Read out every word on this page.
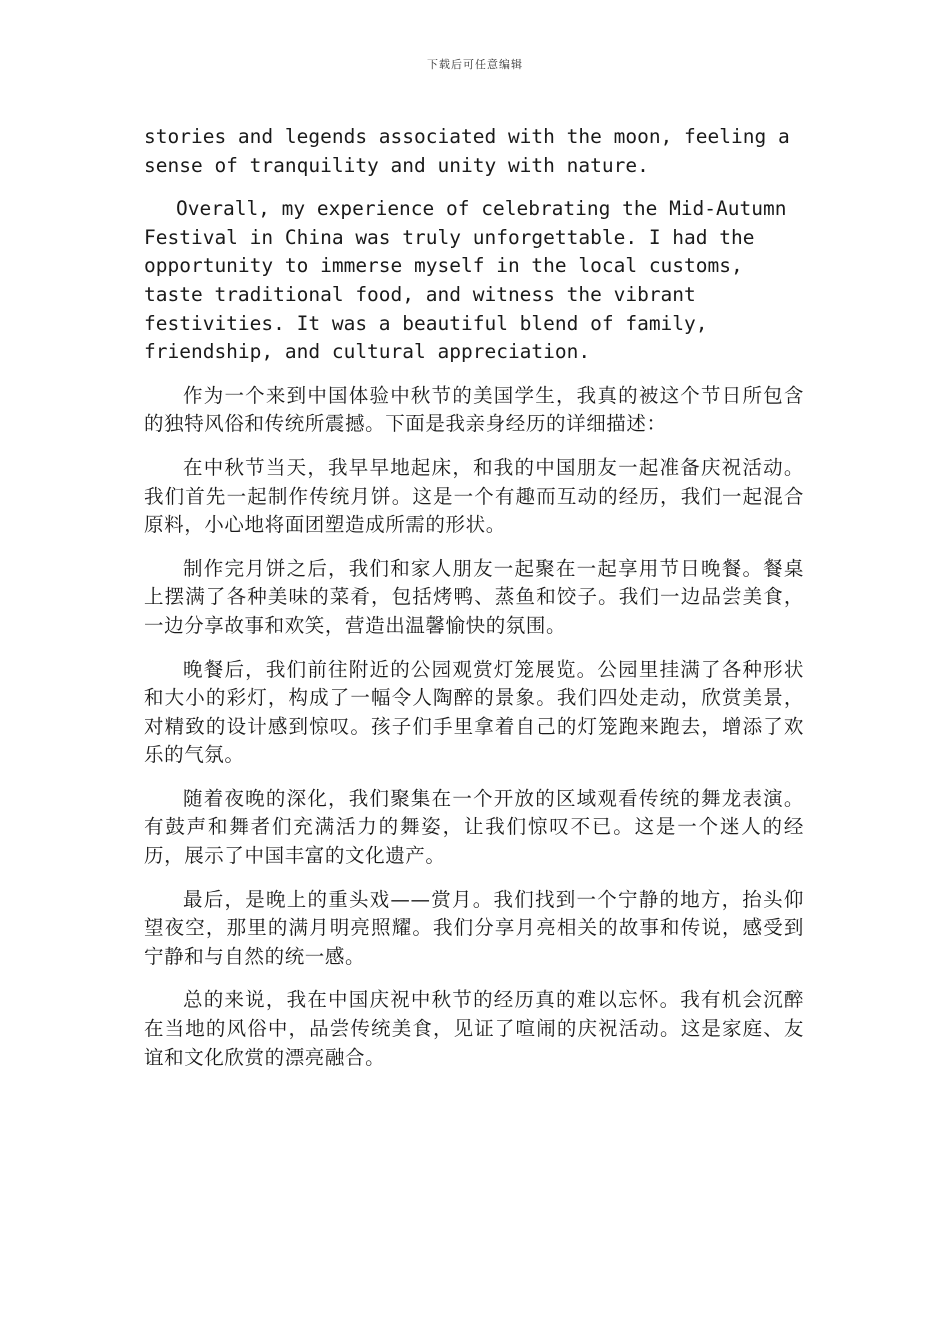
下载后可任意编辑

stories and legends associated with the moon, feeling a sense of tranquility and unity with nature.

Overall, my experience of celebrating the Mid-Autumn Festival in China was truly unforgettable. I had the opportunity to immerse myself in the local customs, taste traditional food, and witness the vibrant festivities. It was a beautiful blend of family, friendship, and cultural appreciation.

作为一个来到中国体验中秋节的美国学生，我真的被这个节日所包含的独特风俗和传统所震撼。下面是我亲身经历的详细描述：

在中秋节当天，我早早地起床，和我的中国朋友一起准备庆祝活动。我们首先一起制作传统月饼。这是一个有趣而互动的经历，我们一起混合原料，小心地将面团塑造成所需的形状。

制作完月饼之后，我们和家人朋友一起聚在一起享用节日晚餐。餐桌上摆满了各种美味的菜肴，包括烤鸭、蒸鱼和饺子。我们一边品尝美食，一边分享故事和欢笑，营造出温馨愉快的氛围。

晚餐后，我们前往附近的公园观赏灯笼展览。公园里挂满了各种形状和大小的彩灯，构成了一幅令人陶醉的景象。我们四处走动，欣赏美景，对精致的设计感到惊叹。孩子们手里拿着自己的灯笼跑来跑去，增添了欢乐的气氛。

随着夜晚的深化，我们聚集在一个开放的区域观看传统的舞龙表演。有鼓声和舞者们充满活力的舞姿，让我们惊叹不已。这是一个迷人的经历，展示了中国丰富的文化遗产。

最后，是晚上的重头戏——赏月。我们找到一个宁静的地方，抬头仰望夜空，那里的满月明亮照耀。我们分享月亮相关的故事和传说，感受到宁静和与自然的统一感。

总的来说，我在中国庆祝中秋节的经历真的难以忘怀。我有机会沉醉在当地的风俗中，品尝传统美食，见证了喧闹的庆祝活动。这是家庭、友谊和文化欣赏的漂亮融合。
